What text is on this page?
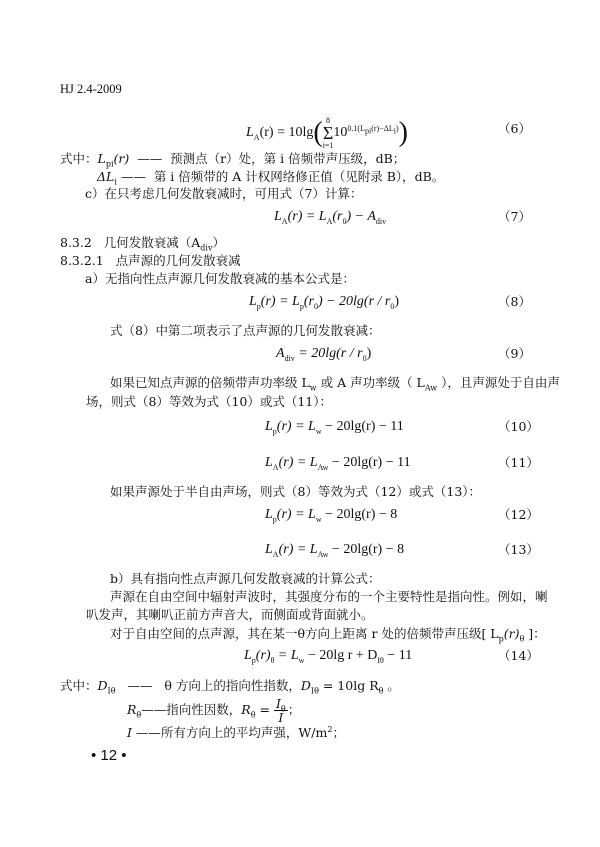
HJ 2.4-2009
$L_A(r) = 10\lg$( 8
Σ
$i=110^{0.1(L_{pi}(r)-\Delta L_i)}$)	（6）
式中：$L_{pi}(r)$ —— 预测点（r）处，第 i 倍频带声压级，dB；
$\Delta L_i$ —— 第 i 倍频带的 A 计权网络修正值（见附录 B），dB。
c）在只考虑几何发散衰减时，可用式（7）计算：
$L_A(r) = L_A(r_0) - A_{div}$	（7）
8.3.2 几何发散衰减$(A_{div})$
8.3.2.1 点声源的几何发散衰减
a）无指向性点声源几何发散衰减的基本公式是：
$L_p(r) = L_p(r_0) - 20\lg(r / r_0)$	（8）
式（8）中第二项表示了点声源的几何发散衰减：
$A_{div} = 20\lg(r / r_0)$	（9）
如果已知点声源的倍频带声功率级 $L_w$ 或 A 声功率级（ $L_{Aw}$ ），且声源处于自由声
场，则式（8）等效为式（10）或式（11）：
$L_p(r) = L_w - 20\lg(r) - 11$	（10）
$L_A(r) = L_{Aw} - 20\lg(r) - 11$	（11）
如果声源处于半自由声场，则式（8）等效为式（12）或式（13）：
$L_p(r) = L_w - 20\lg(r) - 8$	（12）
$L_A(r) = L_{Aw} - 20\lg(r) - 8$	（13）
b）具有指向性点声源几何发散衰减的计算公式：
声源在自由空间中辐射声波时，其强度分布的一个主要特性是指向性。例如，喇
叭发声，其喇叭正前方声音大，而侧面或背面就小。
对于自由空间的点声源，其在某一θ方向上距离 r 处的倍频带声压级[ $L_p(r)_\theta$ ]：
$L_p(r)_\theta = L_w - 20\lg$ $r + D_{I\theta} - 11$	（14）
式中：$D_{I\theta}$ —— θ 方向上的指向性指数，$D_{I\theta} = 10\lg$ $R_\theta$ 。
$R_\theta——$指向性因数，$R_\theta = \frac{I_\theta}{I}$ ；
I ——所有方向上的平均声强，$W/m^2$；
• 12 •
